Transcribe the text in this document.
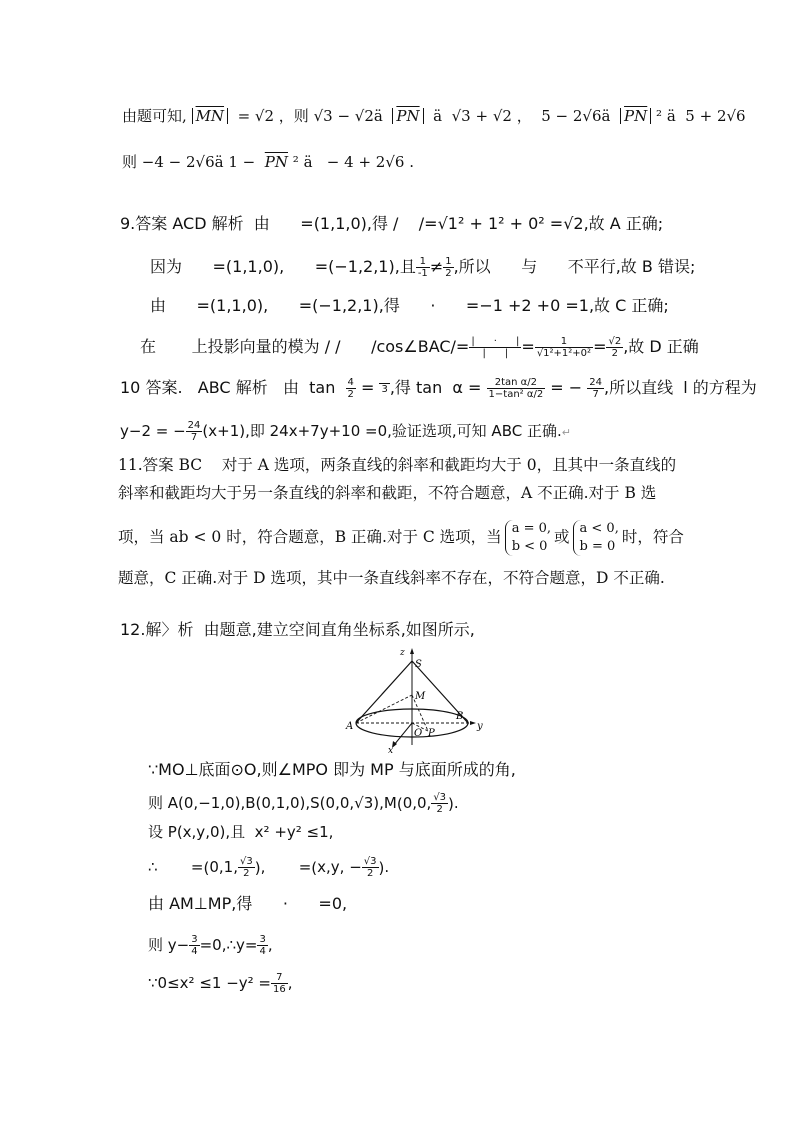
由题可知, $\overline{MN} = √2$ ，则 √3 − √2ä  $\overline{PN}$  ä  √3 + √2 ，  5 − 2√6ä  $\overline{PN}$ ² ä  5 + 2√6
则 −4 − 2√6ä $1 - \overline{PN}$ ² ä   − 4 + 2√6 .
9.答案 ACD 解析  由      =(1,1,0),得 /    /=√1² + 1² + 0² =√2,故 A 正确;
因为      =(1,1,0),      =(−1,2,1),且 $\frac{1}{-1} \ne \frac{1}{2}$ ,所以      与      不平行,故 B 错误;
由      =(1,1,0),      =(−1,2,1),得      ·      =−1 +2 +0 =1,故 C 正确;
在       上投影向量的模为 / /      /cos∠BAC/= $\frac{| \cdot |}{| |} = \frac{1}{\text{√1²+1²+0²}} = \frac{√2}{2}$ ,故 D 正确
10 答案.   ABC 解析   由  $\tan \frac{4}{2} = 3$ ,得 $\tan \alpha = \frac{\text{2tan α/2}}{\text{1−tan² α/2}}$ = − $\frac{24}{7}$ ,所以直线  l 的方程为
y−2 = − $\frac{24}{7} (x+1)$,即 24x+7y+10 =0,验证选项,可知 ABC 正确.↵
11.答案 BC    对于 A 选项，两条直线的斜率和截距均大于 0，且其中一条直线的
斜率和截距均大于另一条直线的斜率和截距，不符合题意，A 不正确.对于 B 选
项，当 ab < 0 时，符合题意，B 正确.对于 C 选项，当 a = 0,
b < 0
或 a < 0,
b = 0
时，符合
题意，C 正确.对于 D 选项，其中一条直线斜率不存在，不符合题意，D 不正确.
12.解〉析  由题意,建立空间直角坐标系,如图所示,
z
S
M
A
B
O P
y
x
∵MO⊥底面⊙O,则∠MPO 即为 MP 与底面所成的角,
则 A(0,−1,0),B(0,1,0),S(0,0,√3),M(0,0, $\frac{√3}{2}$ ).
设 P(x,y,0),且  x² +y² ≤1,
∴       =(0,1, $\frac{√3}{2}$ ),       =(x,y, − $\frac{√3}{2}$ ).
由 AM⊥MP,得      ·      =0,
则 $y- \frac{3}{4}$ =0,∴y= $\frac{3}{4}$ ,
∵0≤x² $\le 1 -y^2 = \frac{7}{16}$ ,
